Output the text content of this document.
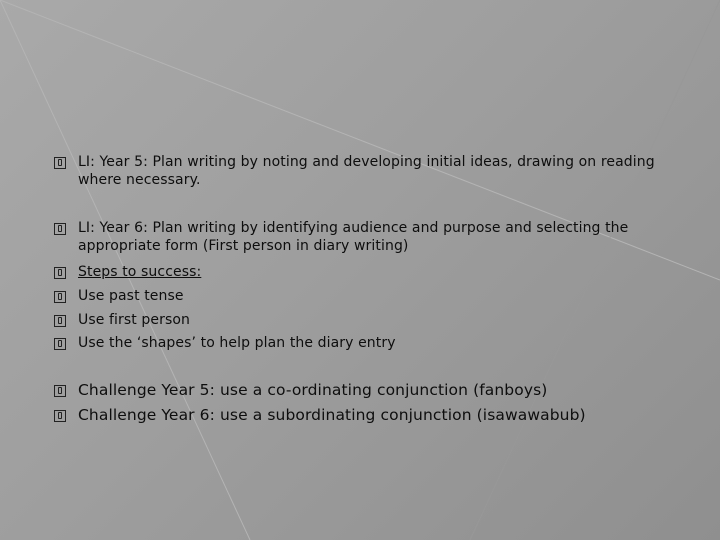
LI: Year 5: Plan writing by noting and developing initial ideas, drawing on reading where necessary.
LI: Year 6: Plan writing by identifying audience and purpose and selecting the appropriate form (First person in diary writing)
Steps to success:
Use past tense
Use first person
Use the ‘shapes’ to help plan the diary entry
Challenge Year 5: use a co-ordinating conjunction (fanboys)
Challenge Year 6: use a subordinating conjunction (isawawabub)
